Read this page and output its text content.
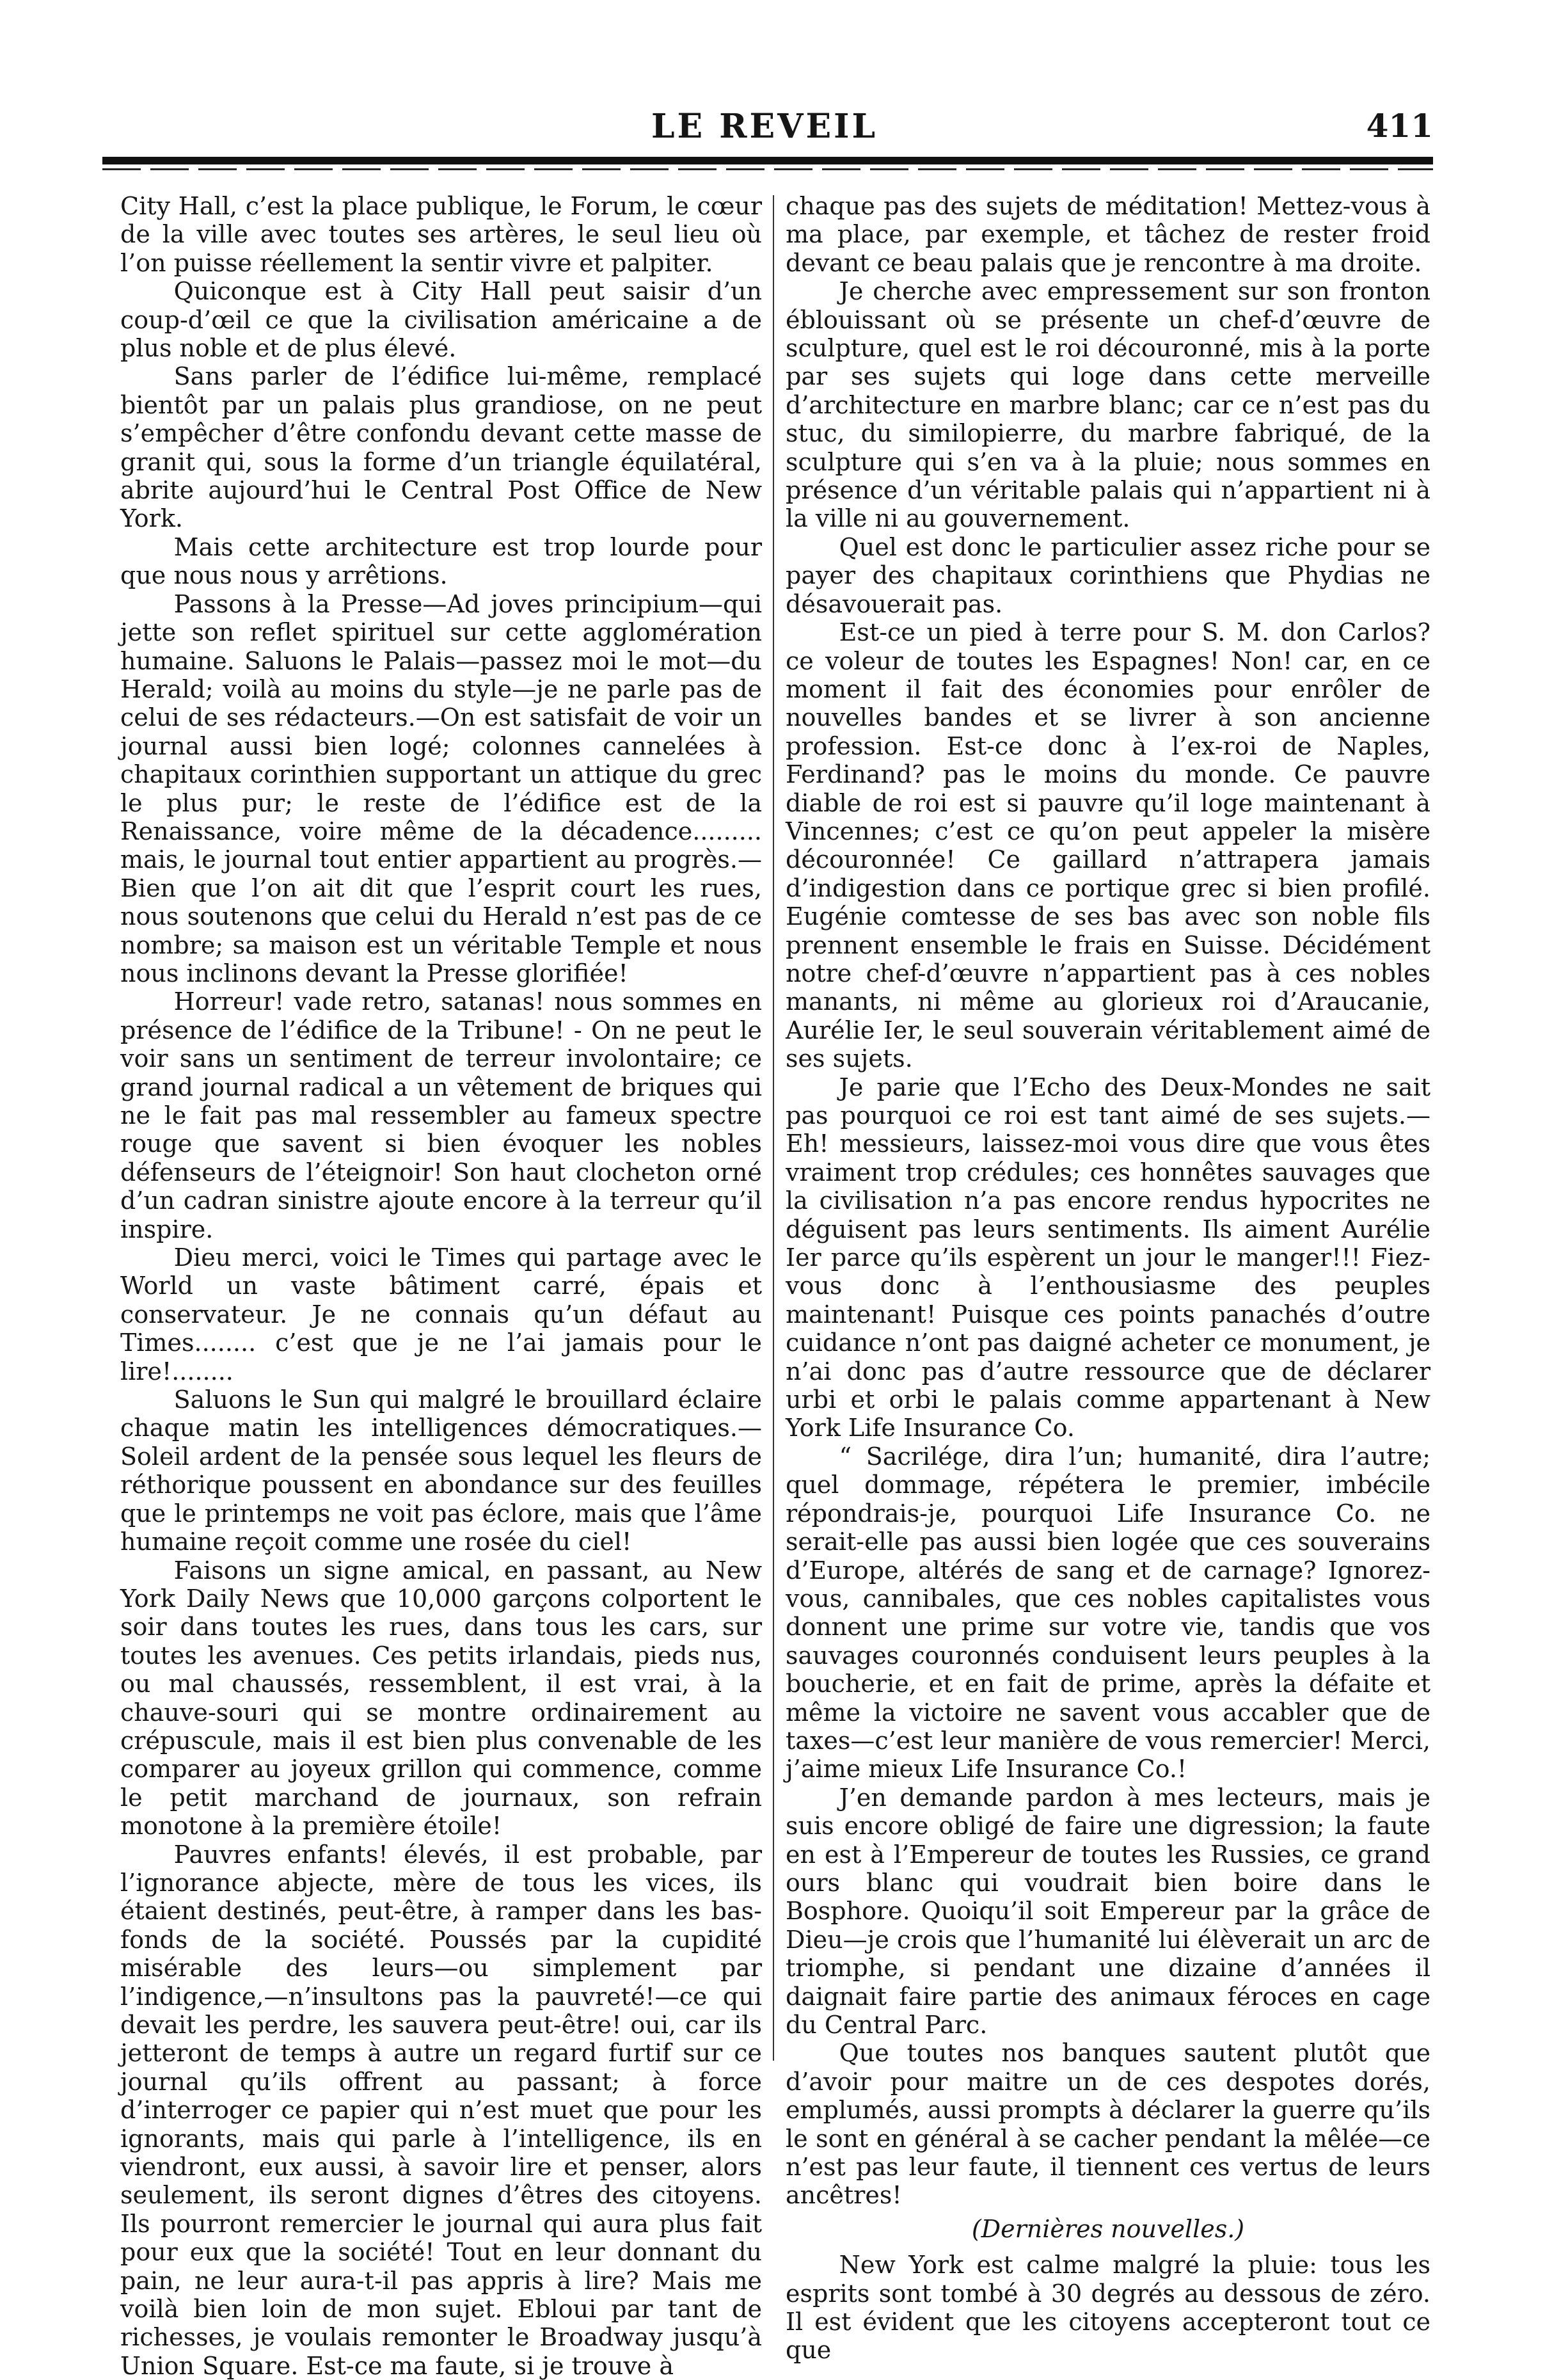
LE REVEIL	411

City Hall, c’est la place publique, le Forum, le cœur de la ville avec toutes ses artères, le seul lieu où l’on puisse réellement la sentir vivre et palpiter.

Quiconque est à City Hall peut saisir d’un coup-d’œil ce que la civilisation américaine a de plus noble et de plus élevé.

Sans parler de l’édifice lui-même, remplacé bientôt par un palais plus grandiose, on ne peut s’empêcher d’être confondu devant cette masse de granit qui, sous la forme d’un triangle équilatéral, abrite aujourd’hui le Central Post Office de New York.

Mais cette architecture est trop lourde pour que nous nous y arrêtions.

Passons à la Presse—Ad joves principium—qui jette son reflet spirituel sur cette agglomération humaine. Saluons le Palais—passez moi le mot—du Herald; voilà au moins du style—je ne parle pas de celui de ses rédacteurs.—On est satisfait de voir un journal aussi bien logé; colonnes cannelées à chapitaux corinthien supportant un attique du grec le plus pur; le reste de l’édifice est de la Renaissance, voire même de la décadence......... mais, le journal tout entier appartient au progrès.—Bien que l’on ait dit que l’esprit court les rues, nous soutenons que celui du Herald n’est pas de ce nombre; sa maison est un véritable Temple et nous nous inclinons devant la Presse glorifiée!

Horreur! vade retro, satanas! nous sommes en présence de l’édifice de la Tribune! - On ne peut le voir sans un sentiment de terreur involontaire; ce grand journal radical a un vêtement de briques qui ne le fait pas mal ressembler au fameux spectre rouge que savent si bien évoquer les nobles défenseurs de l’éteignoir! Son haut clocheton orné d’un cadran sinistre ajoute encore à la terreur qu’il inspire.

Dieu merci, voici le Times qui partage avec le World un vaste bâtiment carré, épais et conservateur. Je ne connais qu’un défaut au Times........ c’est que je ne l’ai jamais pour le lire!........

Saluons le Sun qui malgré le brouillard éclaire chaque matin les intelligences démocratiques.—Soleil ardent de la pensée sous lequel les fleurs de réthorique poussent en abondance sur des feuilles que le printemps ne voit pas éclore, mais que l’âme humaine reçoit comme une rosée du ciel!

Faisons un signe amical, en passant, au New York Daily News que 10,000 garçons colportent le soir dans toutes les rues, dans tous les cars, sur toutes les avenues. Ces petits irlandais, pieds nus, ou mal chaussés, ressemblent, il est vrai, à la chauve-souri qui se montre ordinairement au crépuscule, mais il est bien plus convenable de les comparer au joyeux grillon qui commence, comme le petit marchand de journaux, son refrain monotone à la première étoile!

Pauvres enfants! élevés, il est probable, par l’ignorance abjecte, mère de tous les vices, ils étaient destinés, peut-être, à ramper dans les bas-fonds de la société. Poussés par la cupidité misérable des leurs—ou simplement par l’indigence,—n’insultons pas la pauvreté!—ce qui devait les perdre, les sauvera peut-être! oui, car ils jetteront de temps à autre un regard furtif sur ce journal qu’ils offrent au passant; à force d’interroger ce papier qui n’est muet que pour les ignorants, mais qui parle à l’intelligence, ils en viendront, eux aussi, à savoir lire et penser, alors seulement, ils seront dignes d’êtres des citoyens. Ils pourront remercier le journal qui aura plus fait pour eux que la société! Tout en leur donnant du pain, ne leur aura-t-il pas appris à lire? Mais me voilà bien loin de mon sujet. Ebloui par tant de richesses, je voulais remonter le Broadway jusqu’à Union Square. Est-ce ma faute, si je trouve à

chaque pas des sujets de méditation! Mettez-vous à ma place, par exemple, et tâchez de rester froid devant ce beau palais que je rencontre à ma droite.

Je cherche avec empressement sur son fronton éblouissant où se présente un chef-d’œuvre de sculpture, quel est le roi découronné, mis à la porte par ses sujets qui loge dans cette merveille d’architecture en marbre blanc; car ce n’est pas du stuc, du similopierre, du marbre fabriqué, de la sculpture qui s’en va à la pluie; nous sommes en présence d’un véritable palais qui n’appartient ni à la ville ni au gouvernement.

Quel est donc le particulier assez riche pour se payer des chapitaux corinthiens que Phydias ne désavouerait pas.

Est-ce un pied à terre pour S. M. don Carlos? ce voleur de toutes les Espagnes! Non! car, en ce moment il fait des économies pour enrôler de nouvelles bandes et se livrer à son ancienne profession. Est-ce donc à l’ex-roi de Naples, Ferdinand? pas le moins du monde. Ce pauvre diable de roi est si pauvre qu’il loge maintenant à Vincennes; c’est ce qu’on peut appeler la misère découronnée! Ce gaillard n’attrapera jamais d’indigestion dans ce portique grec si bien profilé. Eugénie comtesse de ses bas avec son noble fils prennent ensemble le frais en Suisse. Décidément notre chef-d’œuvre n’appartient pas à ces nobles manants, ni même au glorieux roi d’Araucanie, Aurélie Ier, le seul souverain véritablement aimé de ses sujets.

Je parie que l’Echo des Deux-Mondes ne sait pas pourquoi ce roi est tant aimé de ses sujets.—Eh! messieurs, laissez-moi vous dire que vous êtes vraiment trop crédules; ces honnêtes sauvages que la civilisation n’a pas encore rendus hypocrites ne déguisent pas leurs sentiments. Ils aiment Aurélie Ier parce qu’ils espèrent un jour le manger!!! Fiez-vous donc à l’enthousiasme des peuples maintenant! Puisque ces points panachés d’outre cuidance n’ont pas daigné acheter ce monument, je n’ai donc pas d’autre ressource que de déclarer urbi et orbi le palais comme appartenant à New York Life Insurance Co.

“ Sacrilége, dira l’un; humanité, dira l’autre; quel dommage, répétera le premier, imbécile répondrais-je, pourquoi Life Insurance Co. ne serait-elle pas aussi bien logée que ces souverains d’Europe, altérés de sang et de carnage? Ignorez-vous, cannibales, que ces nobles capitalistes vous donnent une prime sur votre vie, tandis que vos sauvages couronnés conduisent leurs peuples à la boucherie, et en fait de prime, après la défaite et même la victoire ne savent vous accabler que de taxes—c’est leur manière de vous remercier! Merci, j’aime mieux Life Insurance Co.!

J’en demande pardon à mes lecteurs, mais je suis encore obligé de faire une digression; la faute en est à l’Empereur de toutes les Russies, ce grand ours blanc qui voudrait bien boire dans le Bosphore. Quoiqu’il soit Empereur par la grâce de Dieu—je crois que l’humanité lui élèverait un arc de triomphe, si pendant une dizaine d’années il daignait faire partie des animaux féroces en cage du Central Parc.

Que toutes nos banques sautent plutôt que d’avoir pour maitre un de ces despotes dorés, emplumés, aussi prompts à déclarer la guerre qu’ils le sont en général à se cacher pendant la mêlée—ce n’est pas leur faute, il tiennent ces vertus de leurs ancêtres!

(Dernières nouvelles.)

New York est calme malgré la pluie: tous les esprits sont tombé à 30 degrés au dessous de zéro. Il est évident que les citoyens accepteront tout ce que
